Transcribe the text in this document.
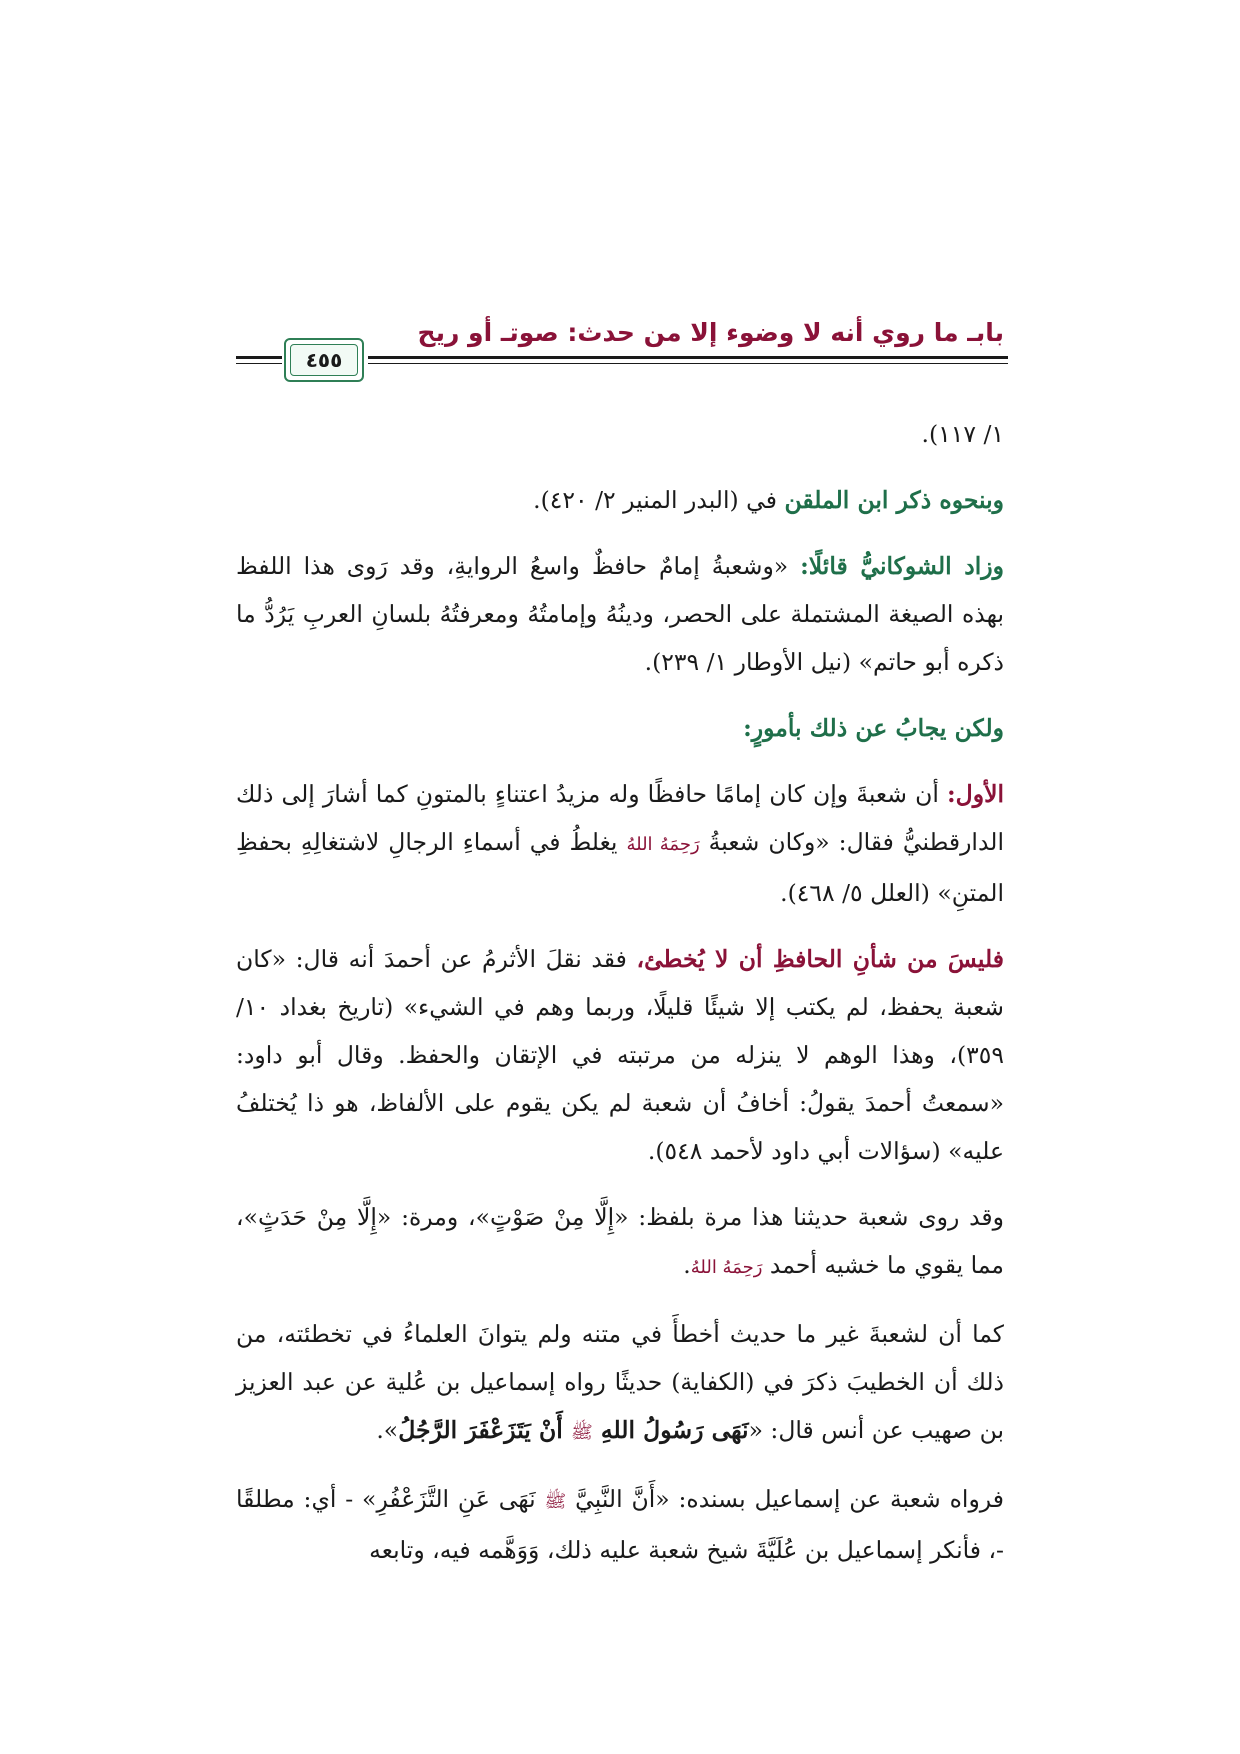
بابـ ما روي أنه لا وضوء إلا من حدث: صوتـ أو ريح
٤٥٥

١/ ١١٧).

وبنحوه ذكر ابن الملقن في (البدر المنير ٢/ ٤٢٠).

وزاد الشوكانيُّ قائلًا: «وشعبةُ إمامٌ حافظٌ واسعُ الروايةِ، وقد رَوى هذا اللفظ بهذه الصيغة المشتملة على الحصر، ودينُهُ وإمامتُهُ ومعرفتُهُ بلسانِ العربِ يَرُدُّ ما ذكره أبو حاتم» (نيل الأوطار ١/ ٢٣٩).

ولكن يجابُ عن ذلك بأمورٍ:

الأول: أن شعبةَ وإن كان إمامًا حافظًا وله مزيدُ اعتناءٍ بالمتونِ كما أشارَ إلى ذلك الدارقطنيُّ فقال: «وكان شعبةُ رَحِمَهُ اللهُ يغلطُ في أسماءِ الرجالِ لاشتغالِهِ بحفظِ المتنِ» (العلل ٥/ ٤٦٨).

فليسَ من شأنِ الحافظِ أن لا يُخطئ، فقد نقلَ الأثرمُ عن أحمدَ أنه قال: «كان شعبة يحفظ، لم يكتب إلا شيئًا قليلًا، وربما وهم في الشيء» (تاريخ بغداد ١٠/ ٣٥٩)، وهذا الوهم لا ينزله من مرتبته في الإتقان والحفظ. وقال أبو داود: «سمعتُ أحمدَ يقولُ: أخافُ أن شعبة لم يكن يقوم على الألفاظ، هو ذا يُختلفُ عليه» (سؤالات أبي داود لأحمد ٥٤٨).

وقد روى شعبة حديثنا هذا مرة بلفظ: «إِلَّا مِنْ صَوْتٍ»، ومرة: «إِلَّا مِنْ حَدَثٍ»، مما يقوي ما خشيه أحمد رَحِمَهُ اللهُ.

كما أن لشعبةَ غير ما حديث أخطأَ في متنه ولم يتوانَ العلماءُ في تخطئته، من ذلك أن الخطيبَ ذكرَ في (الكفاية) حديثًا رواه إسماعيل بن عُلية عن عبد العزيز بن صهيب عن أنس قال: «نَهَى رَسُولُ اللهِ ﷺ أَنْ يَتَزَعْفَرَ الرَّجُلُ».

فرواه شعبة عن إسماعيل بسنده: «أَنَّ النَّبِيَّ ﷺ نَهَى عَنِ التَّزَعْفُرِ» - أي: مطلقًا -، فأنكر إسماعيل بن عُلَيَّةَ شيخ شعبة عليه ذلك، وَوَهَّمه فيه، وتابعه
